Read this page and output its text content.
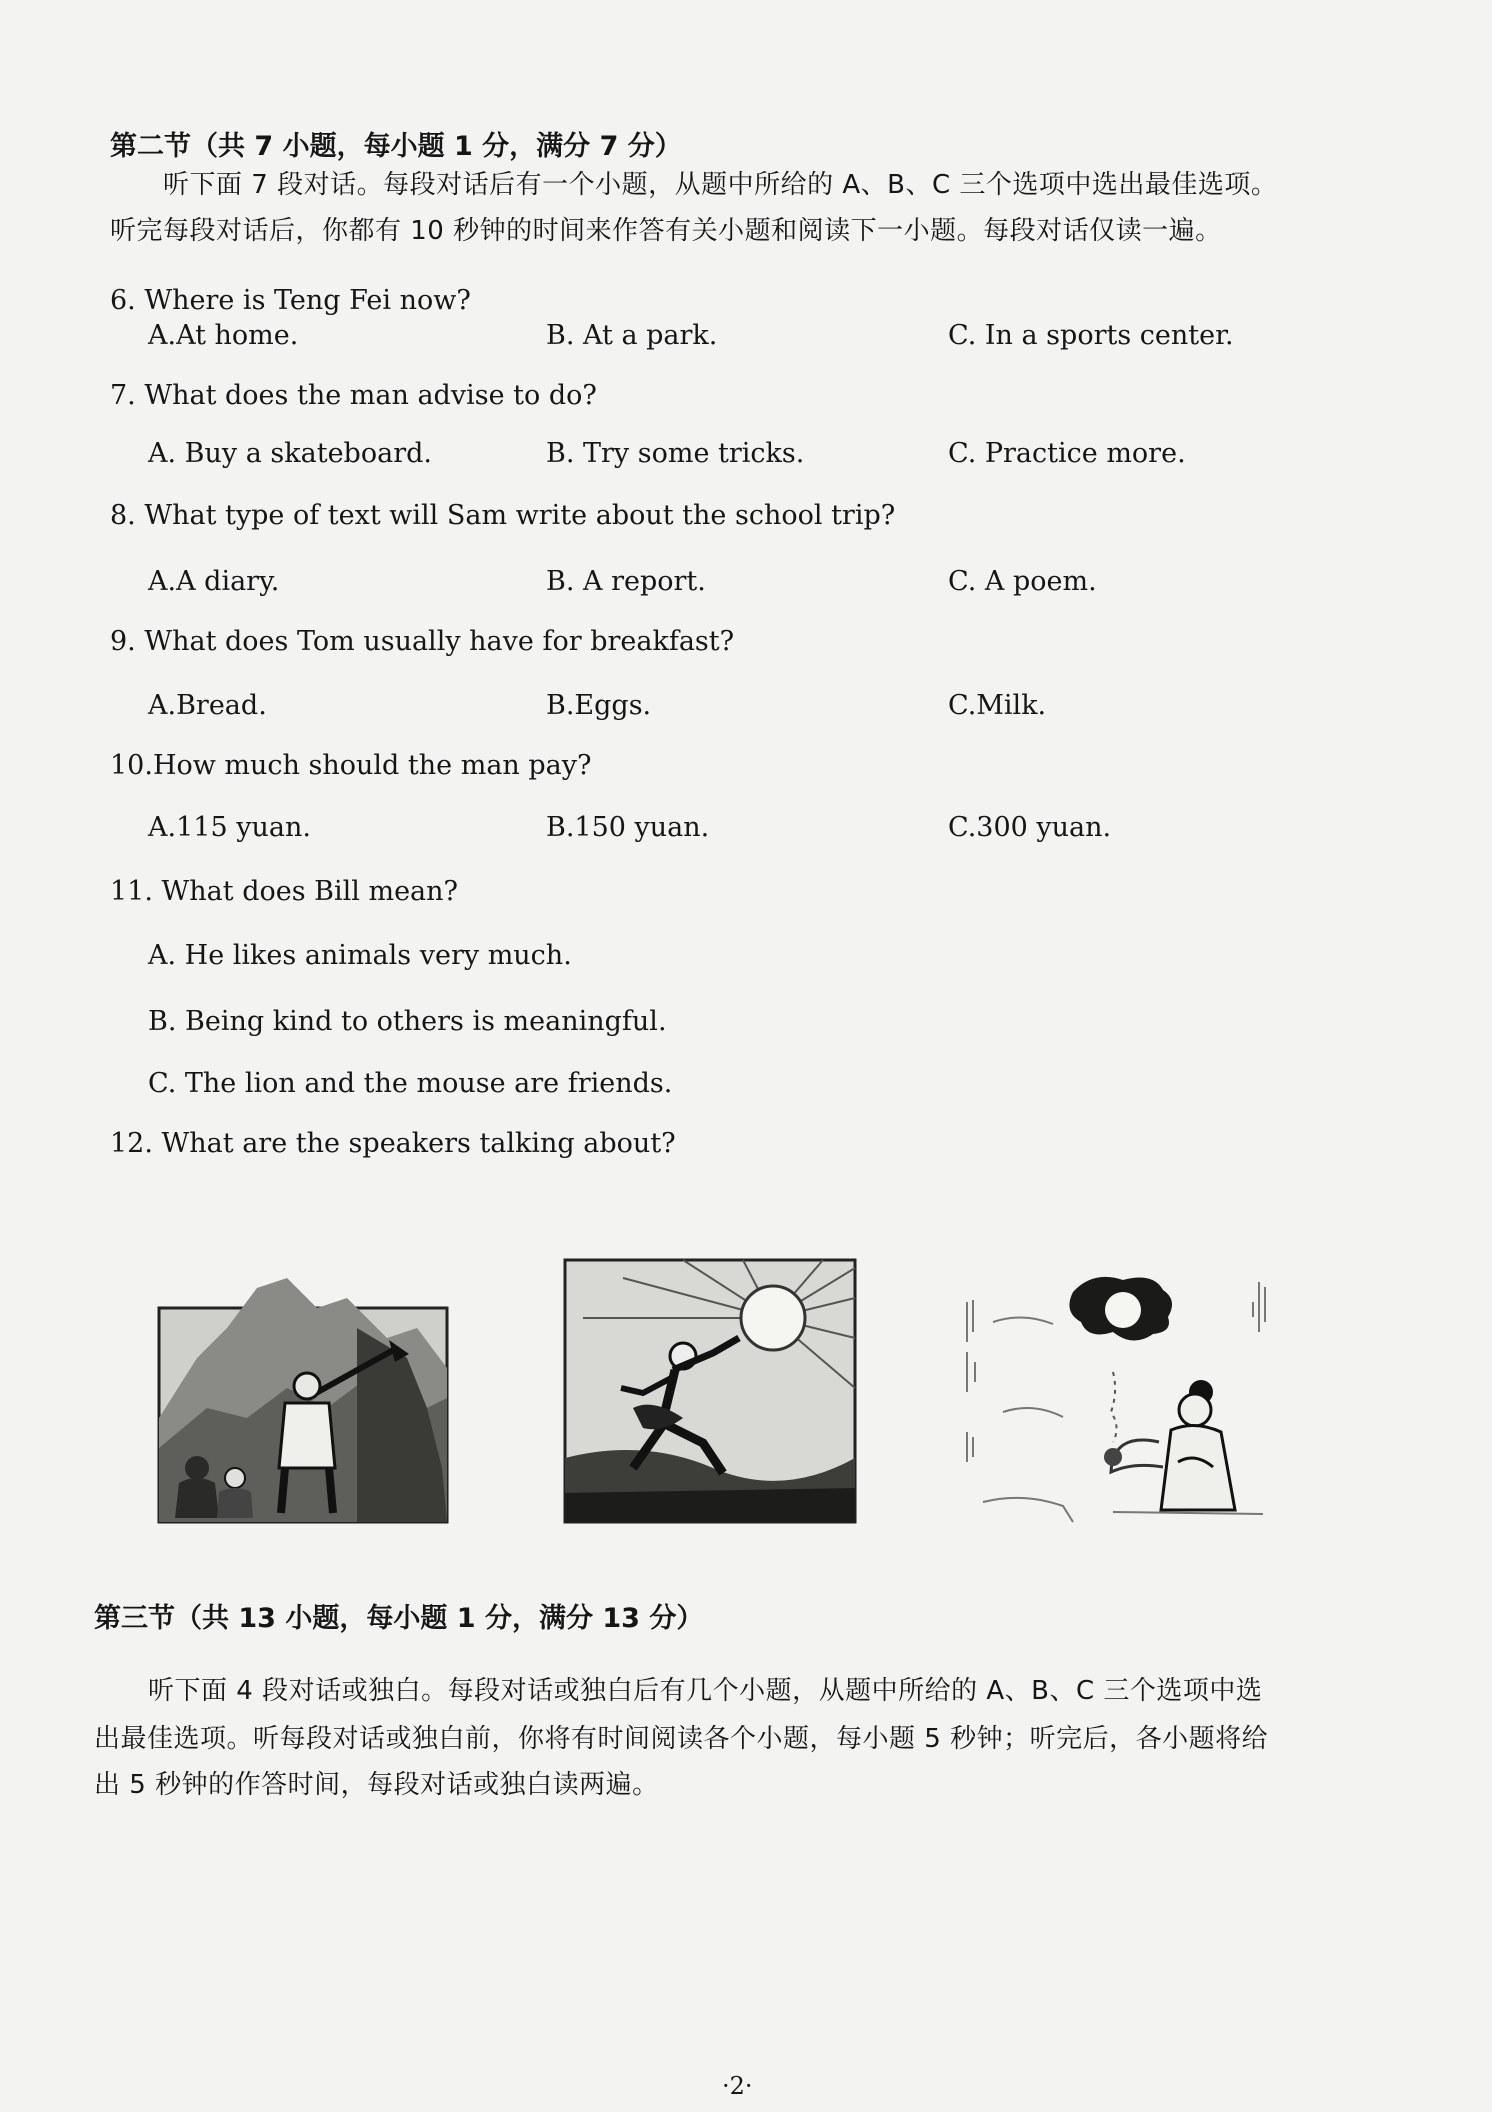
第二节（共 7 小题，每小题 1 分，满分 7 分）
听下面 7 段对话。每段对话后有一个小题，从题中所给的 A、B、C 三个选项中选出最佳选项。
听完每段对话后，你都有 10 秒钟的时间来作答有关小题和阅读下一小题。每段对话仅读一遍。
6. Where is Teng Fei now?
A.At home.	B. At a park.	C. In a sports center.
7. What does the man advise to do?
A. Buy a skateboard.	B. Try some tricks.	C. Practice more.
8. What type of text will Sam write about the school trip?
A.A diary.	B. A report.	C. A poem.
9. What does Tom usually have for breakfast?
A.Bread.	B.Eggs.	C.Milk.
10.How much should the man pay?
A.115 yuan.	B.150 yuan.	C.300 yuan.
11. What does Bill mean?
A. He likes animals very much.
B. Being kind to others is meaningful.
C. The lion and the mouse are friends.
12. What are the speakers talking about?
第三节（共 13 小题，每小题 1 分，满分 13 分）
听下面 4 段对话或独白。每段对话或独白后有几个小题，从题中所给的 A、B、C 三个选项中选
出最佳选项。听每段对话或独白前，你将有时间阅读各个小题，每小题 5 秒钟；听完后，各小题将给
出 5 秒钟的作答时间，每段对话或独白读两遍。
·2·
